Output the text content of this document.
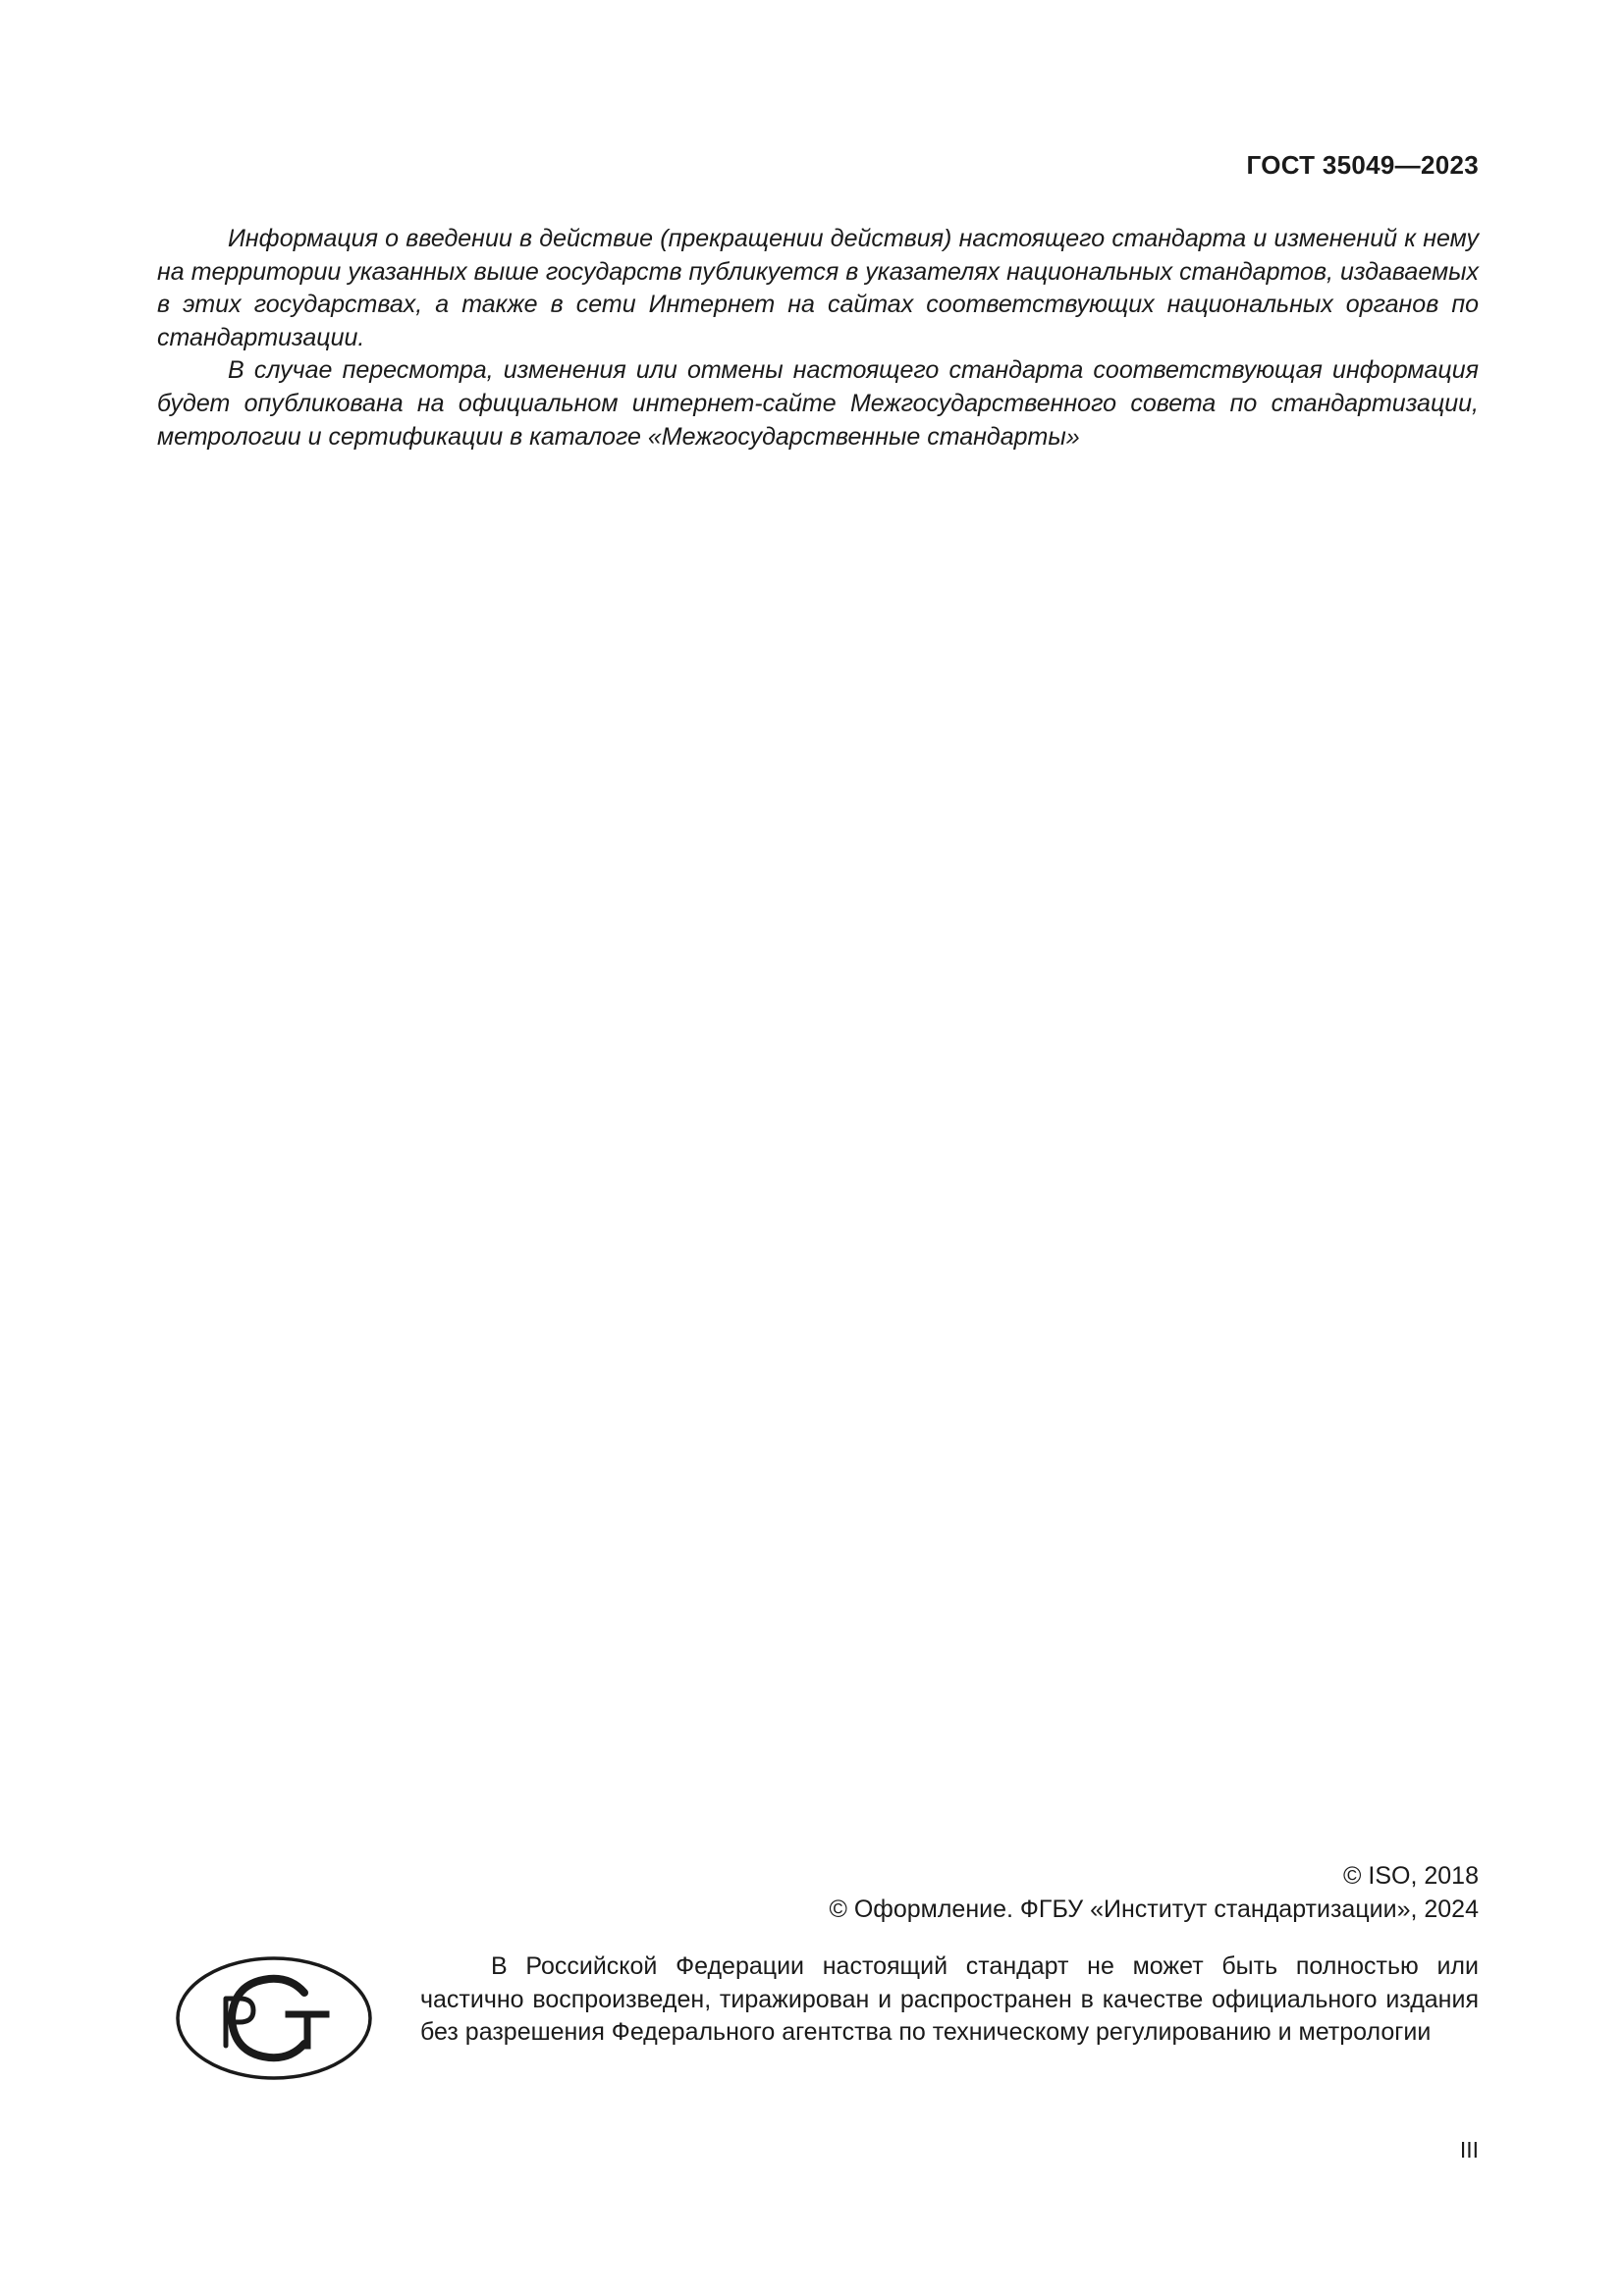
ГОСТ 35049—2023

Информация о введении в действие (прекращении действия) настоящего стандарта и изменений к нему на территории указанных выше государств публикуется в указателях национальных стандартов, издаваемых в этих государствах, а также в сети Интернет на сайтах соответствующих национальных органов по стандартизации.

В случае пересмотра, изменения или отмены настоящего стандарта соответствующая информация будет опубликована на официальном интернет-сайте Межгосударственного совета по стандартизации, метрологии и сертификации в каталоге «Межгосударственные стандарты»

© ISO, 2018
© Оформление. ФГБУ «Институт стандартизации», 2024

В Российской Федерации настоящий стандарт не может быть полностью или частично воспроизведен, тиражирован и распространен в качестве официального издания без разрешения Федерального агентства по техническому регулированию и метрологии

III
